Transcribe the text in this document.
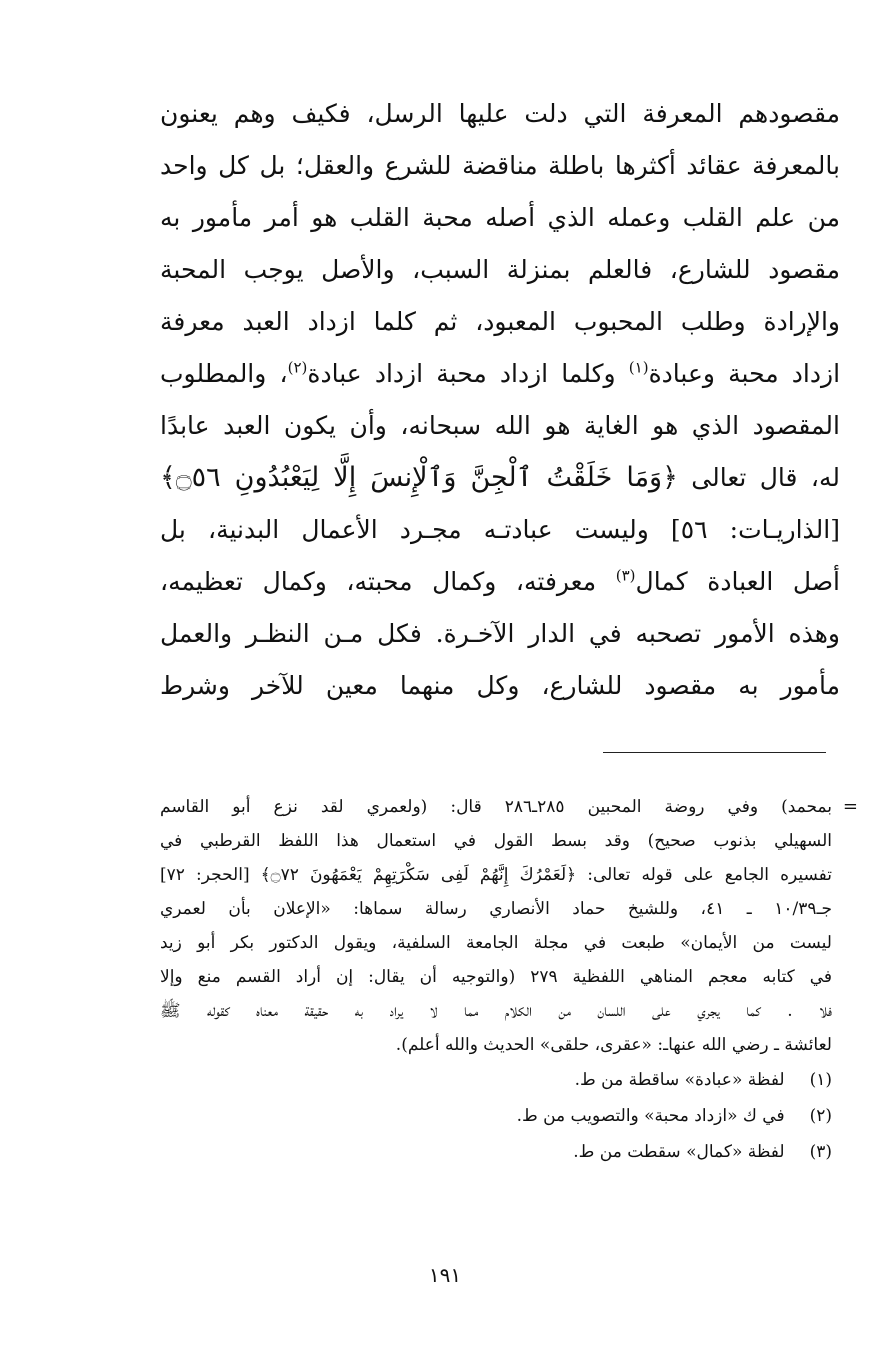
مقصودهم المعرفة التي دلت عليها الرسل، فكيف وهم يعنون
بالمعرفة عقائد أكثرها باطلة مناقضة للشرع والعقل؛ بل كل واحد
من علم القلب وعمله الذي أصله محبة القلب هو أمر مأمور به
مقصود للشارع، فالعلم بمنزلة السبب، والأصل يوجب المحبة
والإرادة وطلب المحبوب المعبود، ثم كلما ازداد العبد معرفة
ازداد محبة وعبادة$^{(١)}$ وكلما ازداد محبة ازداد عبادة$^{(٢)}$، والمطلوب
المقصود الذي هو الغاية هو الله سبحانه، وأن يكون العبد عابدًا
له، قال تعالى ﴿وَمَا خَلَقْتُ ٱلْجِنَّ وَٱلْإِنسَ إِلَّا لِيَعْبُدُونِ ۝٥٦﴾
[الذاريـات: ٥٦] وليست عبادتـه مجـرد الأعمال البدنية، بل
أصل العبادة كمال$^{(٣)}$ معرفته، وكمال محبته، وكمال تعظيمه،
وهذه الأمور تصحبه في الدار الآخـرة. فكل مـن النظـر والعمل
مأمور به مقصود للشارع، وكل منهما معين للآخر وشرط
=
بمحمد) وفي روضة المحبين ٢٨٥ـ٢٨٦ قال: (ولعمري لقد نزع أبو القاسم
السهيلي بذنوب صحيح) وقد بسط القول في استعمال هذا اللفظ القرطبي في
تفسيره الجامع على قوله تعالى: ﴿لَعَمْرُكَ إِنَّهُمْ لَفِى سَكْرَتِهِمْ يَعْمَهُونَ ۝٧٢﴾ [الحجر: ٧٢]
جـ١٠/٣٩ ـ ٤١، وللشيخ حماد الأنصاري رسالة سماها: «الإعلان بأن لعمري
ليست من الأيمان» طبعت في مجلة الجامعة السلفية، ويقول الدكتور بكر أبو زيد
في كتابه معجم المناهي اللفظية ٢٧٩ (والتوجيه أن يقال: إن أراد القسم منع وإلا
فلا . كما يجري على اللسان من الكلام مما لا يراد به حقيقة معناه كقوله ﷺ
لعائشة ـ رضي الله عنهاـ: «عقرى، حلقى» الحديث والله أعلم).
(١) لفظة «عبادة» ساقطة من ط.
(٢) في ك «ازداد محبة» والتصويب من ط.
(٣) لفظة «كمال» سقطت من ط.
١٩١
